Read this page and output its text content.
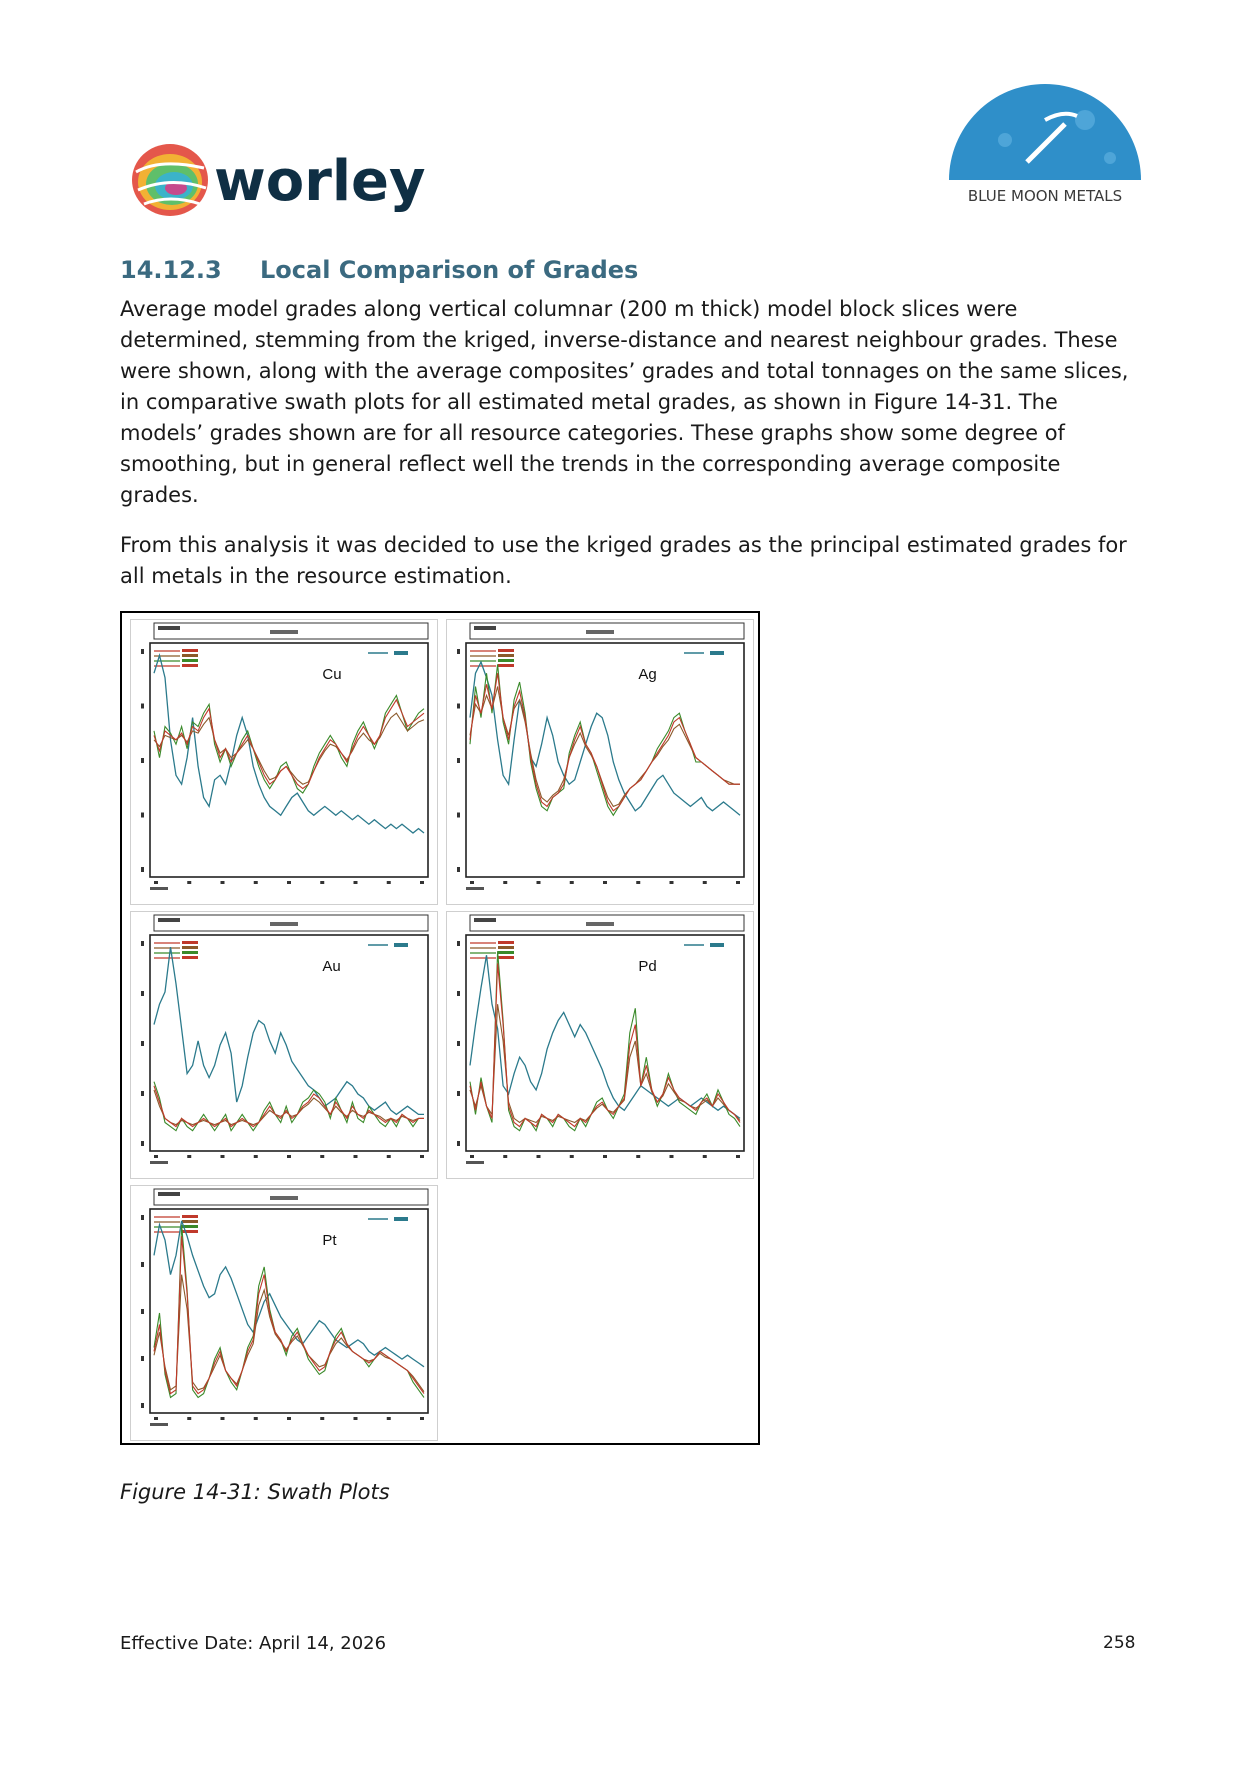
worley	BLUE MOON METALS
14.12.3 Local Comparison of Grades

Average model grades along vertical columnar (200 m thick) model block slices were determined, stemming from the kriged, inverse-distance and nearest neighbour grades. These were shown, along with the average composites’ grades and total tonnages on the same slices, in comparative swath plots for all estimated metal grades, as shown in Figure 14-31. The models’ grades shown are for all resource categories. These graphs show some degree of smoothing, but in general reflect well the trends in the corresponding average composite grades.

From this analysis it was decided to use the kriged grades as the principal estimated grades for all metals in the resource estimation.

Cu	Ag
Au	Pd
Pt

Figure 14-31: Swath Plots

Effective Date: April 14, 2026	258
